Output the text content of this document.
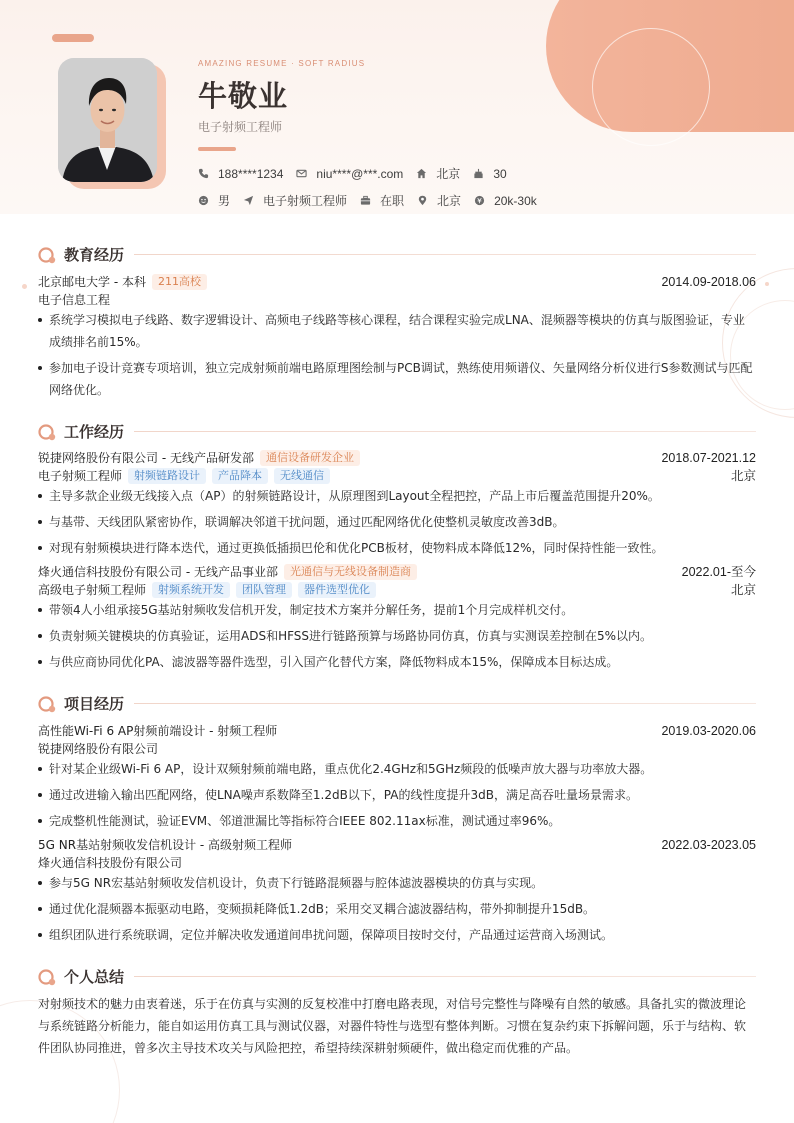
AMAZING RESUME · SOFT RADIUS
牛敬业
电子射频工程师
188****1234	niu****@***.com	北京	30
男	电子射频工程师	在职	北京	20k-30k
教育经历
北京邮电大学 - 本科	211高校	2014.09-2018.06
电子信息工程
系统学习模拟电子线路、数字逻辑设计、高频电子线路等核心课程，结合课程实验完成LNA、混频器等模块的仿真与版图验证，专业成绩排名前15%。
参加电子设计竞赛专项培训，独立完成射频前端电路原理图绘制与PCB调试，熟练使用频谱仪、矢量网络分析仪进行S参数测试与匹配网络优化。
工作经历
锐捷网络股份有限公司 - 无线产品研发部	通信设备研发企业	2018.07-2021.12
电子射频工程师	射频链路设计	产品降本	无线通信	北京
主导多款企业级无线接入点（AP）的射频链路设计，从原理图到Layout全程把控，产品上市后覆盖范围提升20%。
与基带、天线团队紧密协作，联调解决邻道干扰问题，通过匹配网络优化使整机灵敏度改善3dB。
对现有射频模块进行降本迭代，通过更换低插损巴伦和优化PCB板材，使物料成本降低12%，同时保持性能一致性。
烽火通信科技股份有限公司 - 无线产品事业部	光通信与无线设备制造商	2022.01-至今
高级电子射频工程师	射频系统开发	团队管理	器件选型优化	北京
带领4人小组承接5G基站射频收发信机开发，制定技术方案并分解任务，提前1个月完成样机交付。
负责射频关键模块的仿真验证，运用ADS和HFSS进行链路预算与场路协同仿真，仿真与实测误差控制在5%以内。
与供应商协同优化PA、滤波器等器件选型，引入国产化替代方案，降低物料成本15%，保障成本目标达成。
项目经历
高性能Wi-Fi 6 AP射频前端设计 - 射频工程师	2019.03-2020.06
锐捷网络股份有限公司
针对某企业级Wi-Fi 6 AP，设计双频射频前端电路，重点优化2.4GHz和5GHz频段的低噪声放大器与功率放大器。
通过改进输入输出匹配网络，使LNA噪声系数降至1.2dB以下，PA的线性度提升3dB，满足高吞吐量场景需求。
完成整机性能测试，验证EVM、邻道泄漏比等指标符合IEEE 802.11ax标准，测试通过率96%。
5G NR基站射频收发信机设计 - 高级射频工程师	2022.03-2023.05
烽火通信科技股份有限公司
参与5G NR宏基站射频收发信机设计，负责下行链路混频器与腔体滤波器模块的仿真与实现。
通过优化混频器本振驱动电路，变频损耗降低1.2dB；采用交叉耦合滤波器结构，带外抑制提升15dB。
组织团队进行系统联调，定位并解决收发通道间串扰问题，保障项目按时交付，产品通过运营商入场测试。
个人总结
对射频技术的魅力由衷着迷，乐于在仿真与实测的反复校准中打磨电路表现，对信号完整性与降噪有自然的敏感。具备扎实的微波理论与系统链路分析能力，能自如运用仿真工具与测试仪器，对器件特性与选型有整体判断。习惯在复杂约束下拆解问题，乐于与结构、软件团队协同推进，曾多次主导技术攻关与风险把控，希望持续深耕射频硬件，做出稳定而优雅的产品。
